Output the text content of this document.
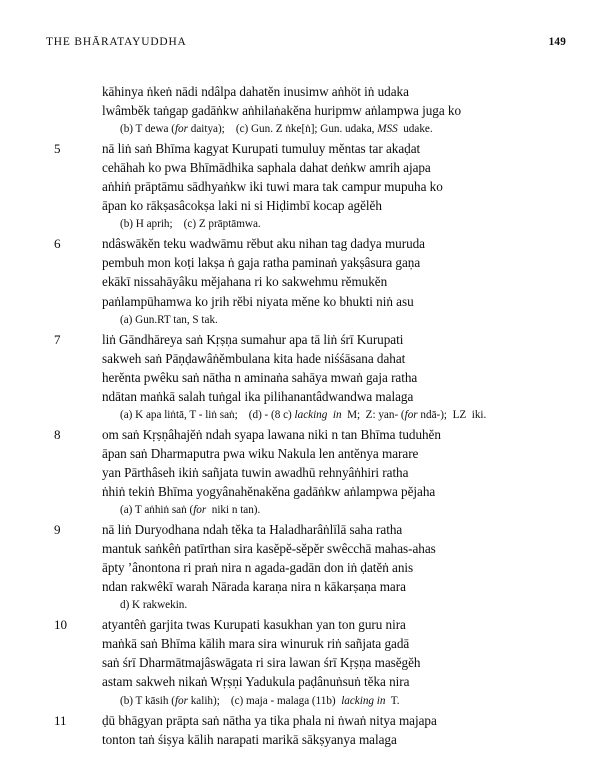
THE BHĀRATAYUDDHA	149
kāhinya ṅkeṅ nādi ndâlpa dahatĕn inusimw aṅhöt iṅ udaka
lwâmbĕk taṅgap gadāṅkw aṅhilaṅakĕna huripmw aṅlampwa juga ko
(b) T dewa (for daitya);    (c) Gun. Z ṅke[ṅ]; Gun. udaka, MSS  udake.
5	nā liṅ saṅ Bhīma kagyat Kurupati tumuluy mĕntas tar akaḍat
cehāhah ko pwa Bhīmādhika saphala dahat deṅkw amrih ajapa
aṅhiṅ prāptāmu sādhyaṅkw iki tuwi mara tak campur mupuha ko
āpan ko rākṣasâcokṣa laki ni si Hiḍimbī kocap agĕlĕh
(b) H aprih;    (c) Z prāptāmwa.
6	ndâswākĕn teku wadwāmu rĕbut aku nihan tag dadya muruda
pembuh mon koṭi lakṣa ṅ gaja ratha paminaṅ yakṣâsura gaṇa
ekākī nissahāyâku mĕjahana ri ko sakwehmu rĕmukĕn
paṅlampūhamwa ko jrih rĕbi niyata mĕne ko bhukti niṅ asu
(a) Gun.RT tan, S tak.
7	liṅ Gāndhāreya saṅ Kṛṣṇa sumahur apa tā liṅ śrī Kurupati
sakweh saṅ Pāṇḍawâṅĕmbulana kita hade niśśāsana dahat
herĕnta pwêku saṅ nātha n aminaṅa sahāya mwaṅ gaja ratha
ndātan maṅkā salah tuṅgal ika pilihanantâdwandwa malaga
(a) K apa liṅtā, T - liṅ saṅ;    (d) - (8 c) lacking  in  M;  Z: yan- (for ndā-);  LZ  iki.
8	om saṅ Kṛṣṇâhajĕṅ ndah syapa lawana niki n tan Bhīma tuduhĕn
āpan saṅ Dharmaputra pwa wiku Nakula len antĕnya marare
yan Pārthâseh ikiṅ sañjata tuwin awadhū rehnyâṅhiri ratha
ṅhiṅ tekiṅ Bhīma yogyânahĕnakĕna gadāṅkw aṅlampwa pĕjaha
(a) T aṅhiṅ saṅ (for  niki n tan).
9	nā liṅ Duryodhana ndah tĕka ta Haladharâṅlīlā saha ratha
mantuk saṅkêṅ patīrthan sira kasĕpĕ-sĕpĕr swêcchā mahas-ahas
āpty ’ânontona ri praṅ nira n agada-gadān don iṅ ḍatĕṅ anis
ndan rakwêkī warah Nārada karaṇa nira n kākarṣaṇa mara
d) K rakwekin.
10	atyantêṅ garjita twas Kurupati kasukhan yan ton guru nira
maṅkā saṅ Bhīma kālih mara sira winuruk riṅ sañjata gadā
saṅ śrī Dharmātmajâswāgata ri sira lawan śrī Kṛṣṇa masĕgĕh
astam sakweh nikaṅ Wṛṣṇi Yadukula paḍânuṅsuṅ tĕka nira
(b) T kāsih (for kalih);    (c) maja - malaga (11b)  lacking in  T.
11	ḍū bhāgyan prāpta saṅ nātha ya tika phala ni ṅwaṅ nitya majapa
tonton taṅ śiṣya kālih narapati marikā sākṣyanya malaga
